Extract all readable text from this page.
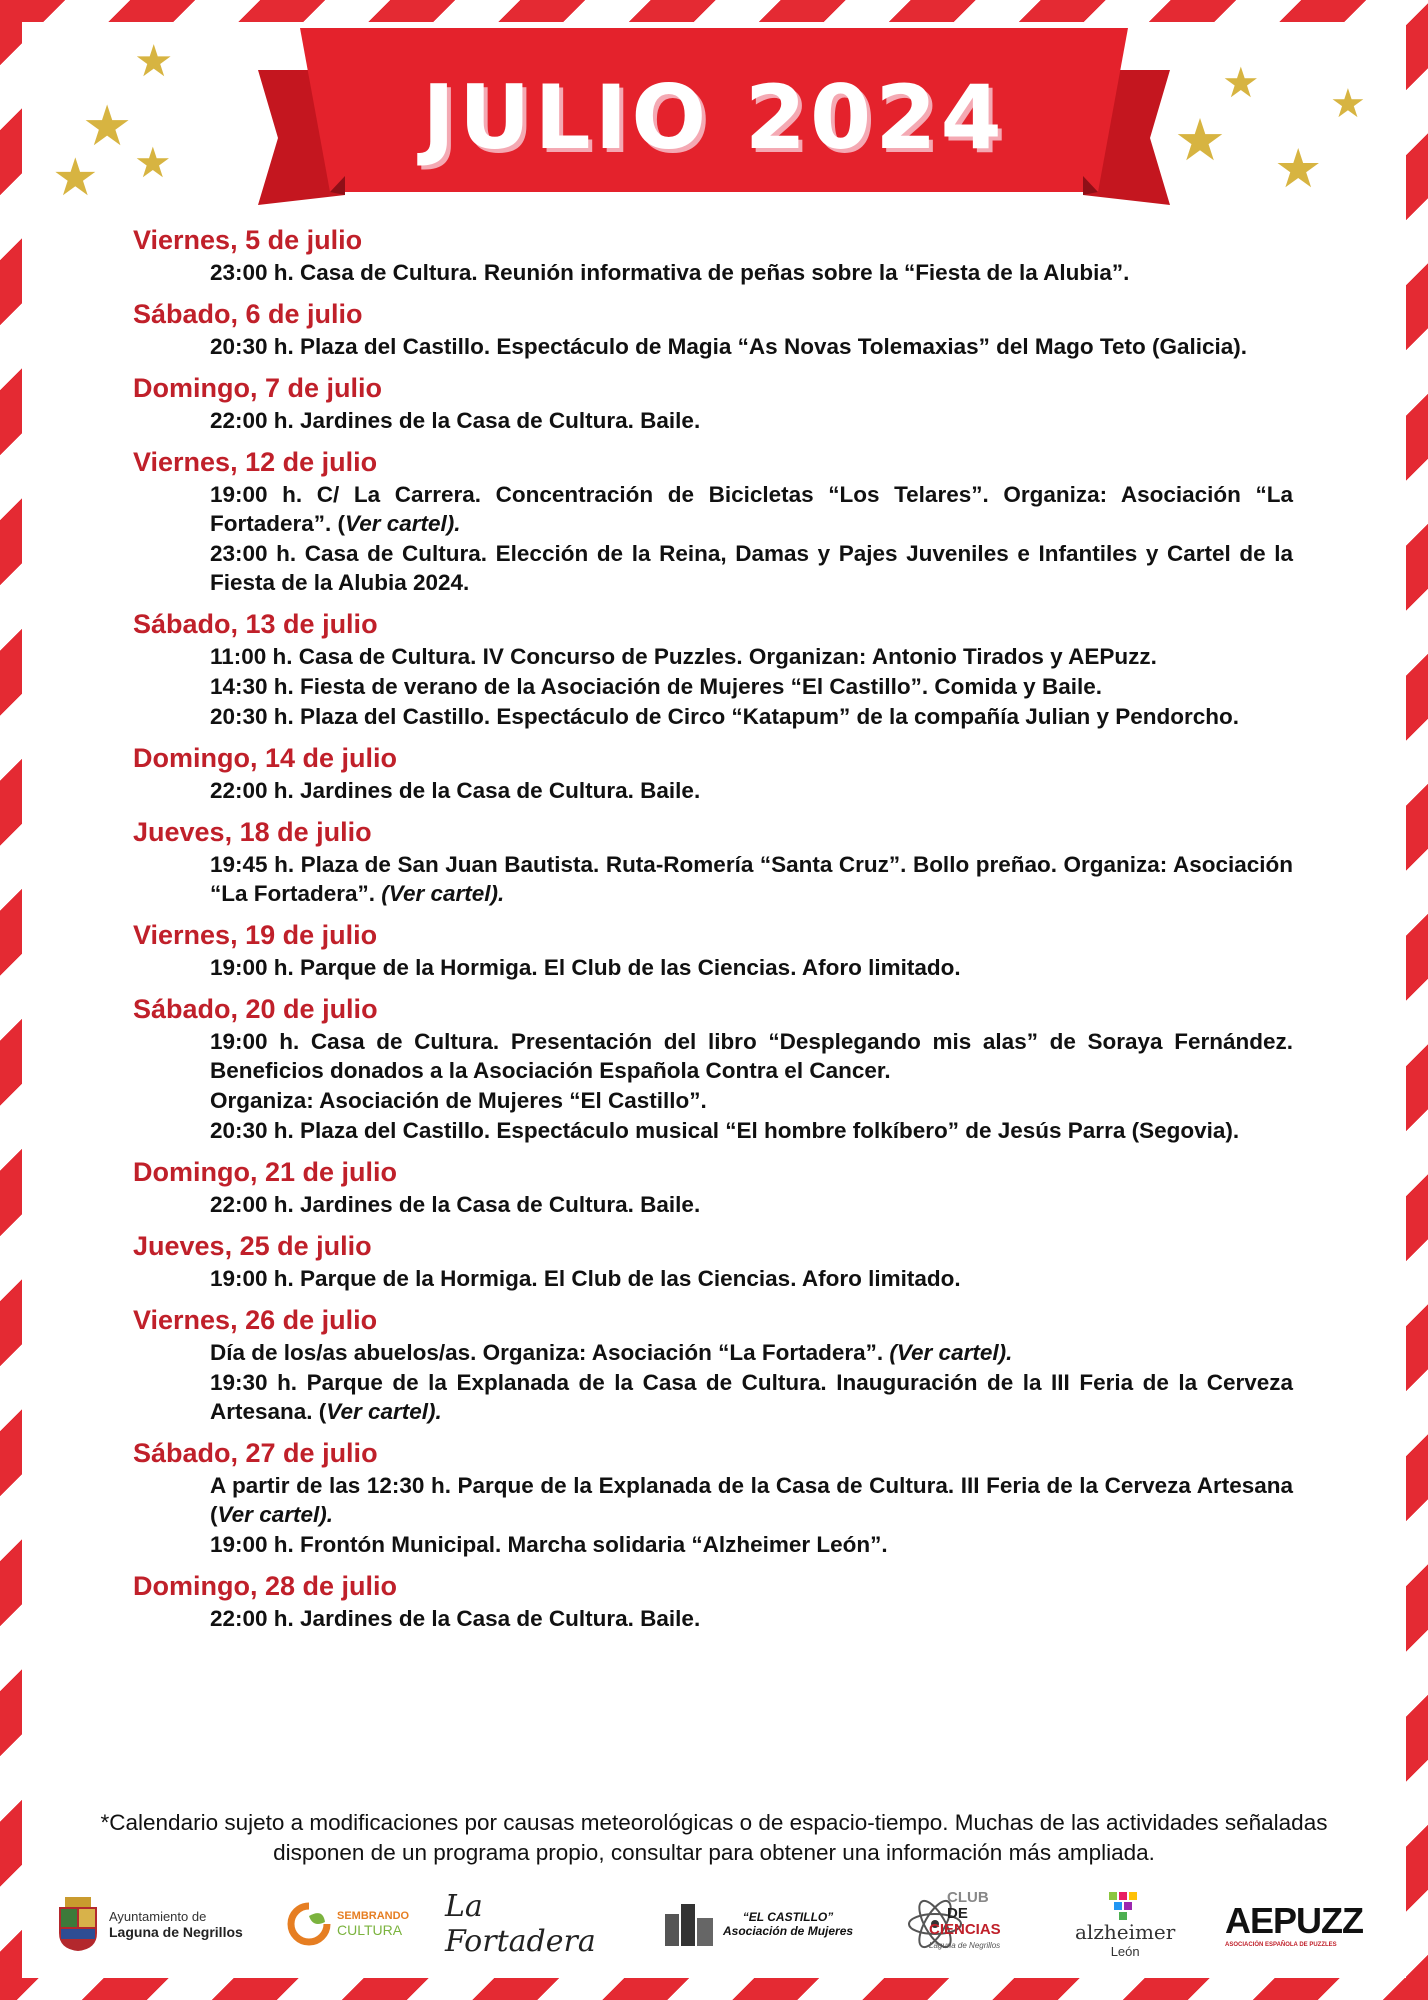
JULIO 2024
★
★
★
★
★ ★
★ ★
Viernes, 5 de julio
23:00 h. Casa de Cultura. Reunión informativa de peñas sobre la “Fiesta de la Alubia”.
Sábado, 6 de julio
20:30 h. Plaza del Castillo. Espectáculo de Magia “As Novas Tolemaxias” del Mago Teto (Galicia).
Domingo, 7 de julio
22:00 h. Jardines de la Casa de Cultura. Baile.
Viernes, 12 de julio
19:00 h. C/ La Carrera. Concentración de Bicicletas “Los Telares”. Organiza: Asociación “La Fortadera”. (Ver cartel).
23:00 h. Casa de Cultura. Elección de la Reina, Damas y Pajes Juveniles e Infantiles y Cartel de la Fiesta de la Alubia 2024.
Sábado, 13 de julio
11:00 h. Casa de Cultura. IV Concurso de Puzzles. Organizan: Antonio Tirados y AEPuzz.
14:30 h. Fiesta de verano de la Asociación de Mujeres “El Castillo”. Comida y Baile.
20:30 h. Plaza del Castillo. Espectáculo de Circo “Katapum” de la compañía Julian y Pendorcho.
Domingo, 14 de julio
22:00 h. Jardines de la Casa de Cultura. Baile.
Jueves, 18 de julio
19:45 h. Plaza de San Juan Bautista. Ruta-Romería “Santa Cruz”. Bollo preñao. Organiza: Asociación “La Fortadera”. (Ver cartel).
Viernes, 19 de julio
19:00 h. Parque de la Hormiga. El Club de las Ciencias. Aforo limitado.
Sábado, 20 de julio
19:00 h. Casa de Cultura. Presentación del libro “Desplegando mis alas” de Soraya Fernández. Beneficios donados a la Asociación Española Contra el Cancer.
Organiza: Asociación de Mujeres “El Castillo”.
20:30 h. Plaza del Castillo. Espectáculo musical “El hombre folkíbero” de Jesús Parra (Segovia).
Domingo, 21 de julio
22:00 h. Jardines de la Casa de Cultura. Baile.
Jueves, 25 de julio
19:00 h. Parque de la Hormiga. El Club de las Ciencias. Aforo limitado.
Viernes, 26 de julio
Día de los/as abuelos/as. Organiza: Asociación “La Fortadera”. (Ver cartel).
19:30 h. Parque de la Explanada de la Casa de Cultura. Inauguración de la III Feria de la Cerveza Artesana. (Ver cartel).
Sábado, 27 de julio
A partir de las 12:30 h. Parque de la Explanada de la Casa de Cultura. III Feria de la Cerveza Artesana (Ver cartel).
19:00 h. Frontón Municipal. Marcha solidaria “Alzheimer León”.
Domingo, 28 de julio
22:00 h. Jardines de la Casa de Cultura. Baile.
*Calendario sujeto a modificaciones por causas meteorológicas o de espacio-tiempo. Muchas de las actividades señaladas disponen de un programa propio, consultar para obtener una información más ampliada.
Ayuntamiento de
Laguna de Negrillos
SEMBRANDO
CULTURA
La Fortadera
“EL CASTILLO”
Asociación de Mujeres
CLUB
DE
CIENCIAS
Laguna de Negrillos
alzheimer
León
AEPUZZ
ASOCIACIÓN ESPAÑOLA DE PUZZLES
